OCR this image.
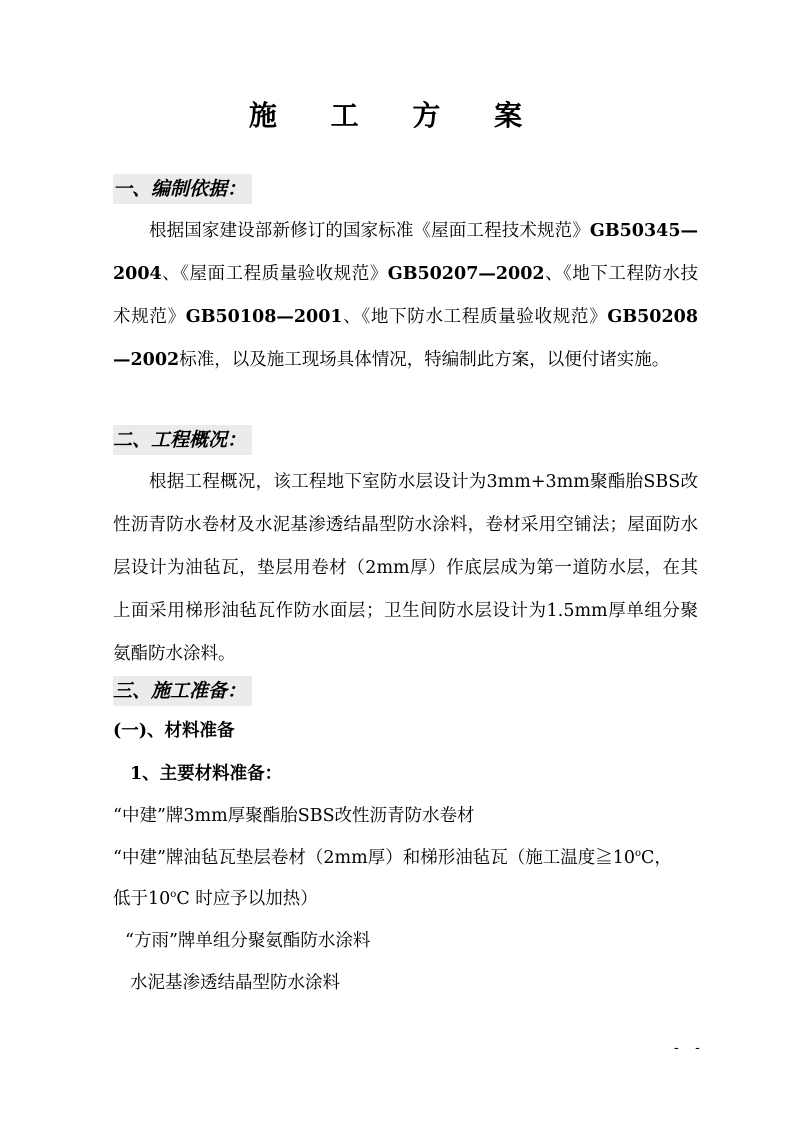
施 工 方 案
一、编制依据：
根据国家建设部新修订的国家标准《屋面工程技术规范》GB50345—2004、《屋面工程质量验收规范》GB50207—2002、《地下工程防水技术规范》GB50108—2001、《地下防水工程质量验收规范》GB50208—2002标准，以及施工现场具体情况，特编制此方案，以便付诸实施。
二、工程概况：
根据工程概况，该工程地下室防水层设计为3mm+3mm聚酯胎SBS改性沥青防水卷材及水泥基渗透结晶型防水涂料，卷材采用空铺法；屋面防水层设计为油毡瓦，垫层用卷材（2mm厚）作底层成为第一道防水层，在其上面采用梯形油毡瓦作防水面层；卫生间防水层设计为1.5mm厚单组分聚氨酯防水涂料。
三、施工准备：
(一)、材料准备
1、主要材料准备：
“中建”牌3mm厚聚酯胎SBS改性沥青防水卷材
“中建”牌油毡瓦垫层卷材（2mm厚）和梯形油毡瓦（施工温度≧10$^o$C，
低于10$^o$C 时应予以加热）
“方雨”牌单组分聚氨酯防水涂料
水泥基渗透结晶型防水涂料
- -
